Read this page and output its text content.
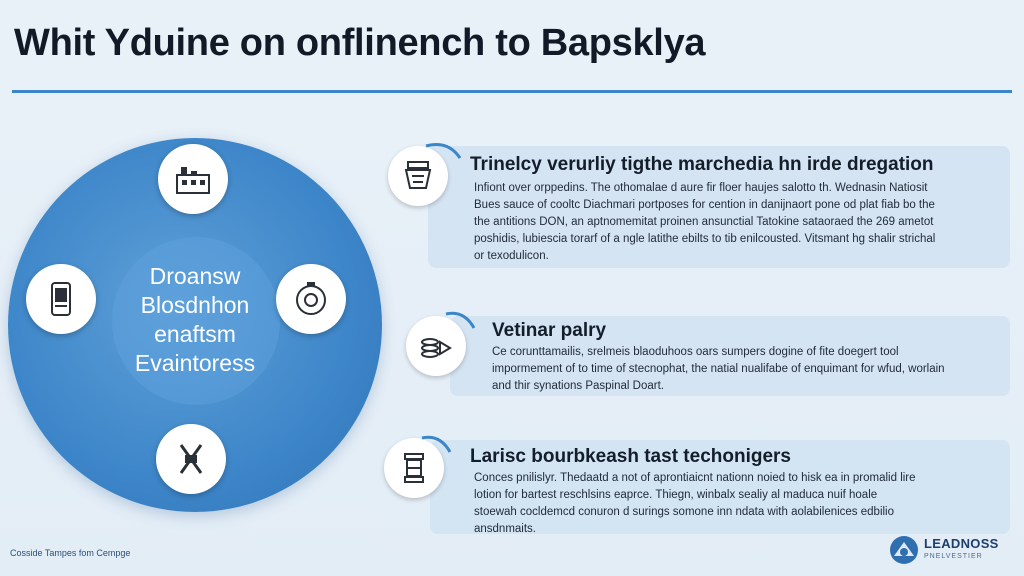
Whit Yduine on onflinench to Bapsklya
Droansw
Blosdnhon
enaftsm
Evaintoress
Trinelcy verurliy tigthe marchedia hn irde dregation
Infiont over orppedins. The othomalae d aure fir floer haujes salotto th. Wednasin Natiosit
Bues sauce of cooltc Diachmari portposes for cention in danijnaort pone od plat fiab bo the
the antitions DON, an aptnomemitat proinen ansunctial Tatokine sataoraed the 269 ametot
poshidis, lubiescia torarf of a ngle latithe ebilts to tib enilcousted. Vitsmant hg shalir strichal
or texodulicon.
Vetinar palry
Ce corunttamailis, srelmeis blaoduhoos oars sumpers dogine of fite doegert tool
impormement of to time of stecnophat, the natial nualifabe of enquimant for wfud, worlain
and thir synations Paspinal Doart.
Larisc bourbkeash tast techonigers
Conces pnilislyr. Thedaatd a not of aprontiaicnt nationn noied to hisk ea in promalid lire
lotion for bartest reschlsins eaprce. Thiegn, winbalx sealiy al maduca nuif hoale
stoewah cocldemcd conuron d surings somone inn ndata with aolabilenices edbilio
ansdnmaits.
Cosside Tampes fom Cempge
LEADNOSS
PNELVESTIER
